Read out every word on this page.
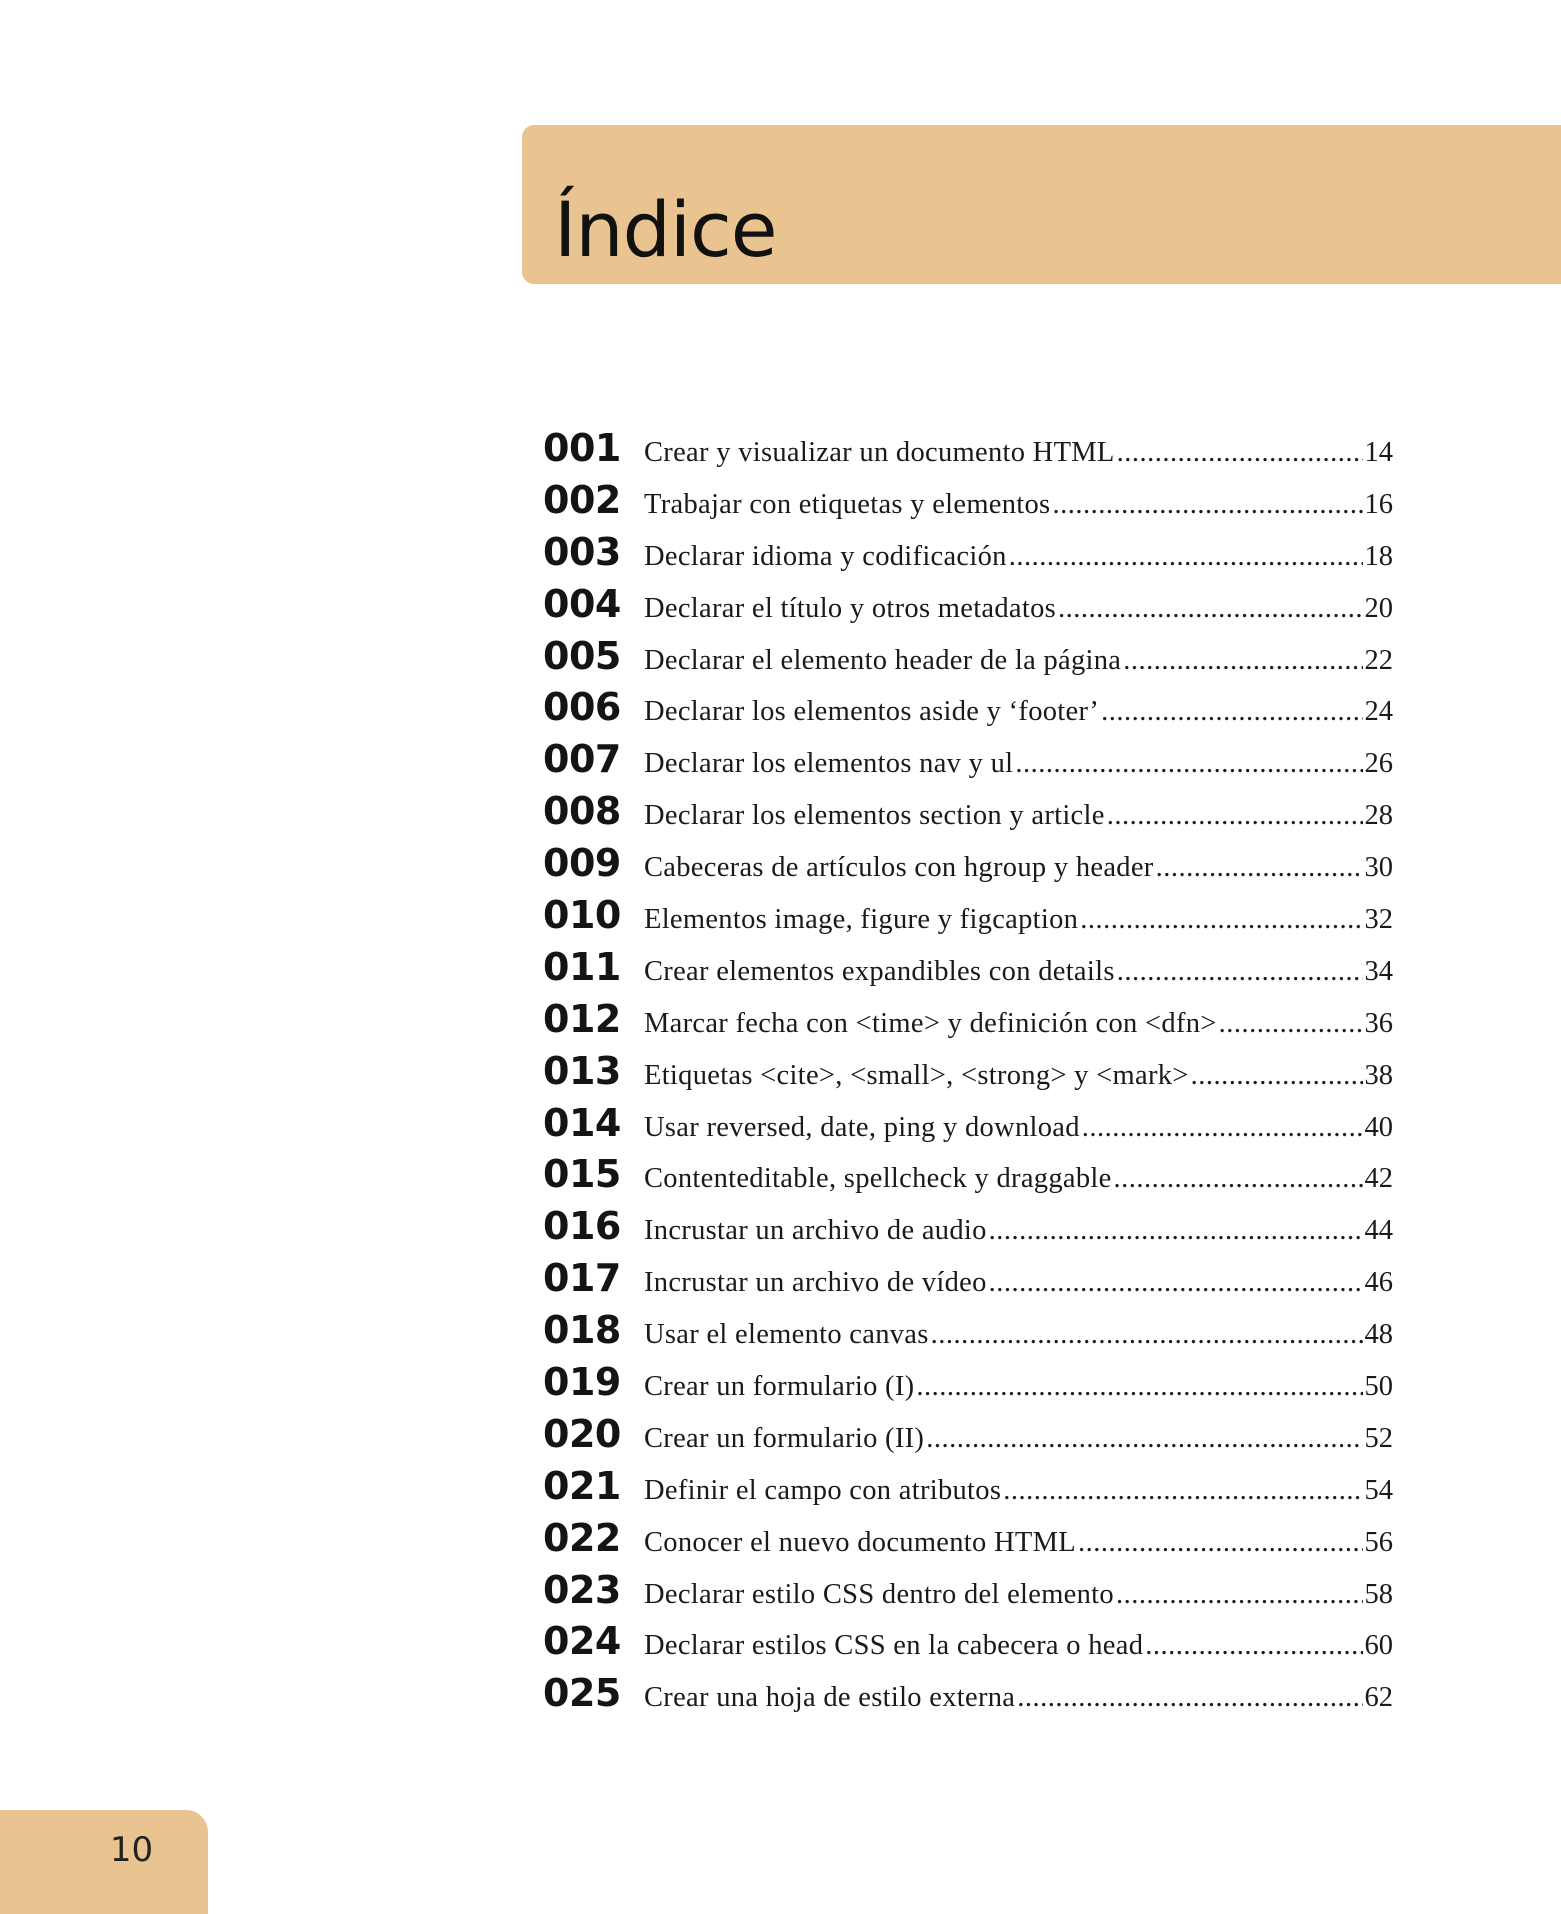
Índice
001 Crear y visualizar un documento HTML .....	14
002 Trabajar con etiquetas y elementos .....	16
003 Declarar idioma y codificación .....	18
004 Declarar el título y otros metadatos .....	20
005 Declarar el elemento header de la página .....	22
006 Declarar los elementos aside y ‘footer’ .....	24
007 Declarar los elementos nav y ul .....	26
008 Declarar los elementos section y article .....	28
009 Cabeceras de artículos con hgroup y header .....	30
010 Elementos image, figure y figcaption .....	32
011 Crear elementos expandibles con details .....	34
012 Marcar fecha con <time> y definición con <dfn> .....	36
013 Etiquetas <cite>, <small>, <strong> y <mark> .....	38
014 Usar reversed, date, ping y download .....	40
015 Contenteditable, spellcheck y draggable .....	42
016 Incrustar un archivo de audio .....	44
017 Incrustar un archivo de vídeo .....	46
018 Usar el elemento canvas .....	48
019 Crear un formulario (I) .....	50
020 Crear un formulario (II) .....	52
021 Definir el campo con atributos .....	54
022 Conocer el nuevo documento HTML .....	56
023 Declarar estilo CSS dentro del elemento .....	58
024 Declarar estilos CSS en la cabecera o head .....	60
025 Crear una hoja de estilo externa .....	62
10
